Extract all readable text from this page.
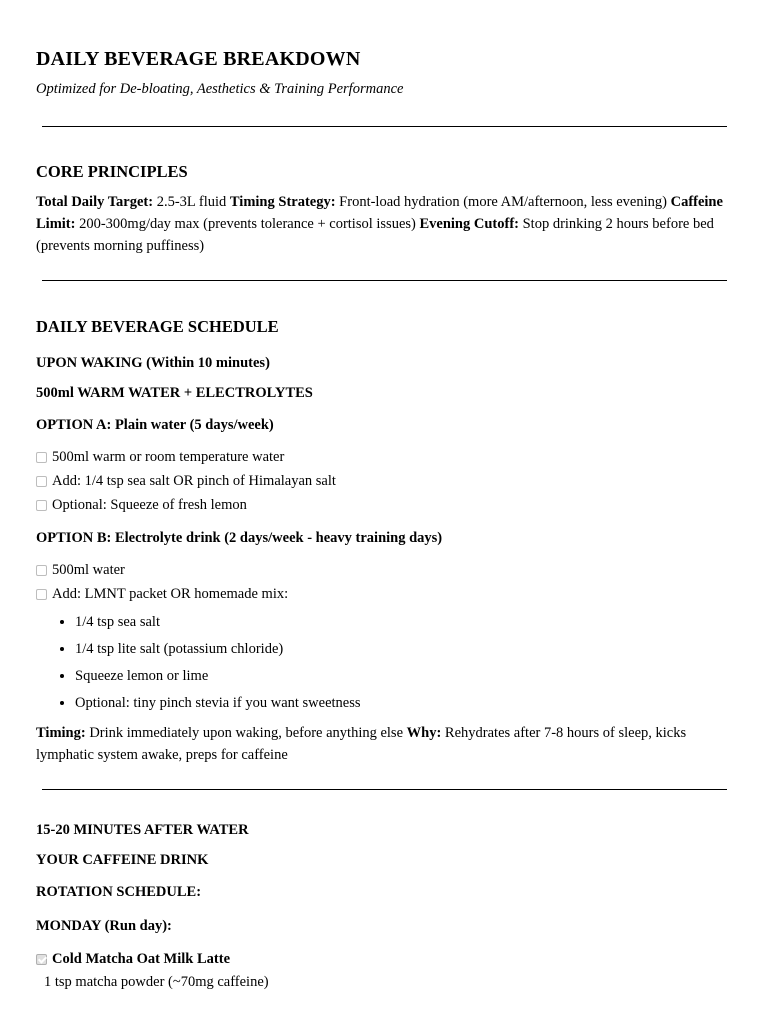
DAILY BEVERAGE BREAKDOWN

Optimized for De-bloating, Aesthetics & Training Performance

CORE PRINCIPLES

Total Daily Target: 2.5-3L fluid Timing Strategy: Front-load hydration (more AM/afternoon, less evening) Caffeine Limit: 200-300mg/day max (prevents tolerance + cortisol issues) Evening Cutoff: Stop drinking 2 hours before bed (prevents morning puffiness)

DAILY BEVERAGE SCHEDULE

UPON WAKING (Within 10 minutes)

500ml WARM WATER + ELECTROLYTES

OPTION A: Plain water (5 days/week)

500ml warm or room temperature water
Add: 1/4 tsp sea salt OR pinch of Himalayan salt
Optional: Squeeze of fresh lemon

OPTION B: Electrolyte drink (2 days/week - heavy training days)

500ml water
Add: LMNT packet OR homemade mix:
• 1/4 tsp sea salt
• 1/4 tsp lite salt (potassium chloride)
• Squeeze lemon or lime
• Optional: tiny pinch stevia if you want sweetness

Timing: Drink immediately upon waking, before anything else Why: Rehydrates after 7-8 hours of sleep, kicks lymphatic system awake, preps for caffeine

15-20 MINUTES AFTER WATER

YOUR CAFFEINE DRINK

ROTATION SCHEDULE:

MONDAY (Run day):

Cold Matcha Oat Milk Latte

1 tsp matcha powder (~70mg caffeine)
